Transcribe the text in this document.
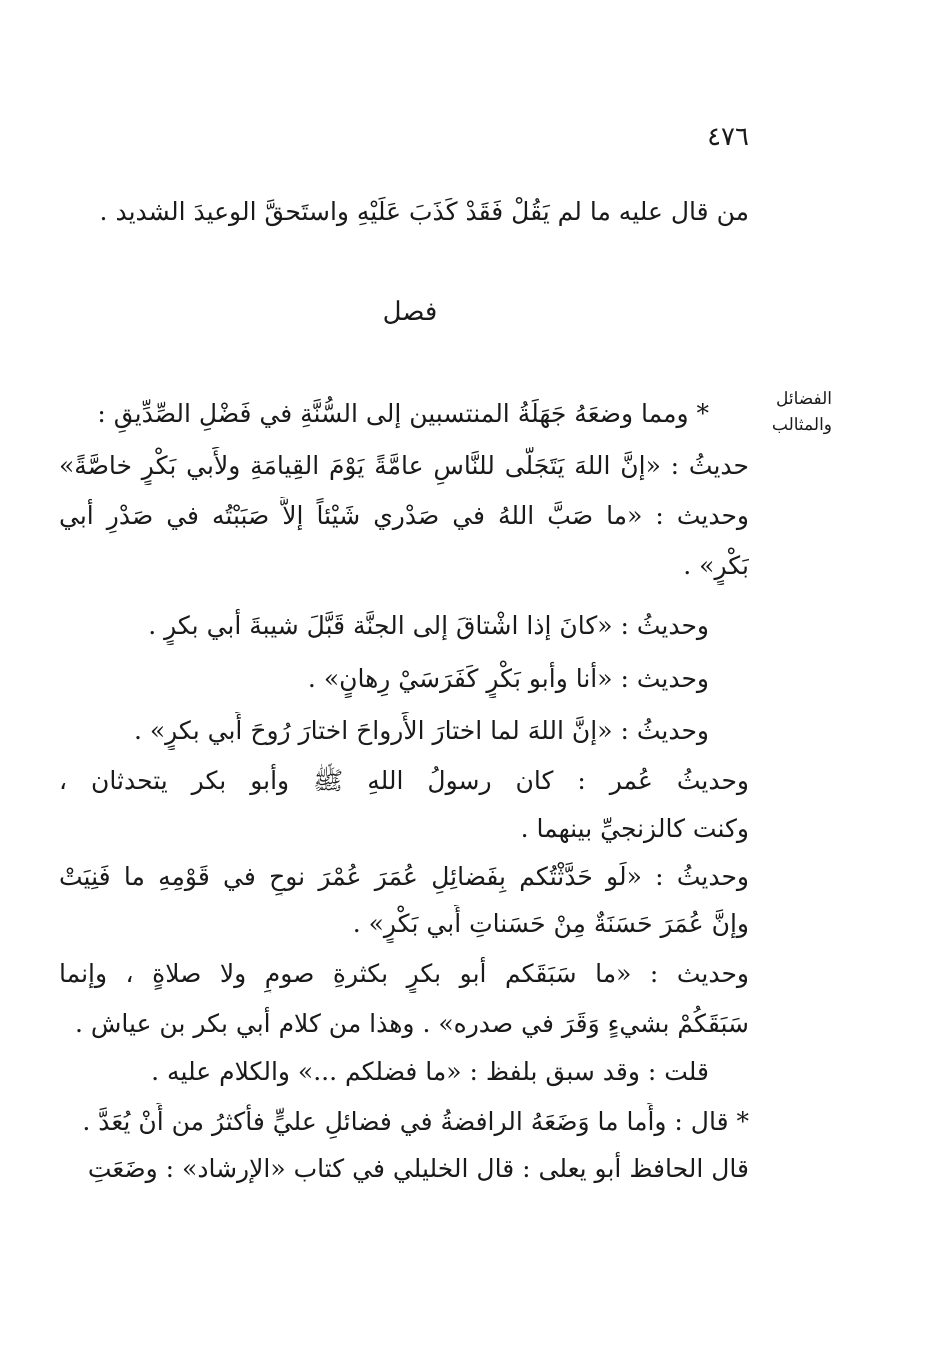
٤٧٦
من قال عليه ما لم يَقُلْ فَقَدْ كَذَبَ عَلَيْهِ واستَحقَّ الوعيدَ الشديد .
فصل
الفضائل
والمثالب
* ومما وضعَهُ جَهَلَةُ المنتسبين إلى السُّنَّةِ في فَضْلِ الصِّدِّيقِ :
حديثُ : «إنَّ اللهَ يَتَجَلَّى للنَّاسِ عامَّةً يَوْمَ القِيامَةِ ولأَبي بَكْرٍ خاصَّةً»
وحديث : «ما صَبَّ اللهُ في صَدْري شَيْئاً إلاَّ صَبَبْتُه في صَدْرِ أبي
بَكْرٍ» .
وحديثُ : «كانَ إذا اشْتاقَ إلى الجنَّة قَبَّلَ شيبةَ أبي بكرٍ .
وحديث : «أنا وأبو بَكْرٍ كَفَرَسَيْ رِهانٍ» .
وحديثُ : «إنَّ اللهَ لما اختارَ الأَرواحَ اختارَ رُوحَ أَبي بكرٍ» .
وحديثُ عُمر : كان رسولُ اللهِ ﷺ وأبو بكر يتحدثان ،
وكنت كالزنجيِّ بينهما .
وحديثُ : «لَو حَدَّثْتُكم بِفَضائِلِ عُمَرَ عُمْرَ نوحٍ في قَوْمِهِ ما فَنِيَتْ
وإنَّ عُمَرَ حَسَنَةٌ مِنْ حَسَناتِ أَبي بَكْرٍ» .
وحديث : «ما سَبَقَكم أبو بكرٍ بكثرةِ صومٍ ولا صلاةٍ ، وإنما
سَبَقَكُمْ بشيءٍ وَقَرَ في صدره» . وهذا من كلام أبي بكر بن عياش .
قلت : وقد سبق بلفظ : «ما فضلكم ...» والكلام عليه .
* قال : وأَما ما وَضَعَهُ الرافضةُ في فضائلِ عليٍّ فأَكثرُ من أَنْ يُعَدَّ .
قال الحافظ أبو يعلى : قال الخليلي في كتاب «الإرشاد» : وضَعَتِ
